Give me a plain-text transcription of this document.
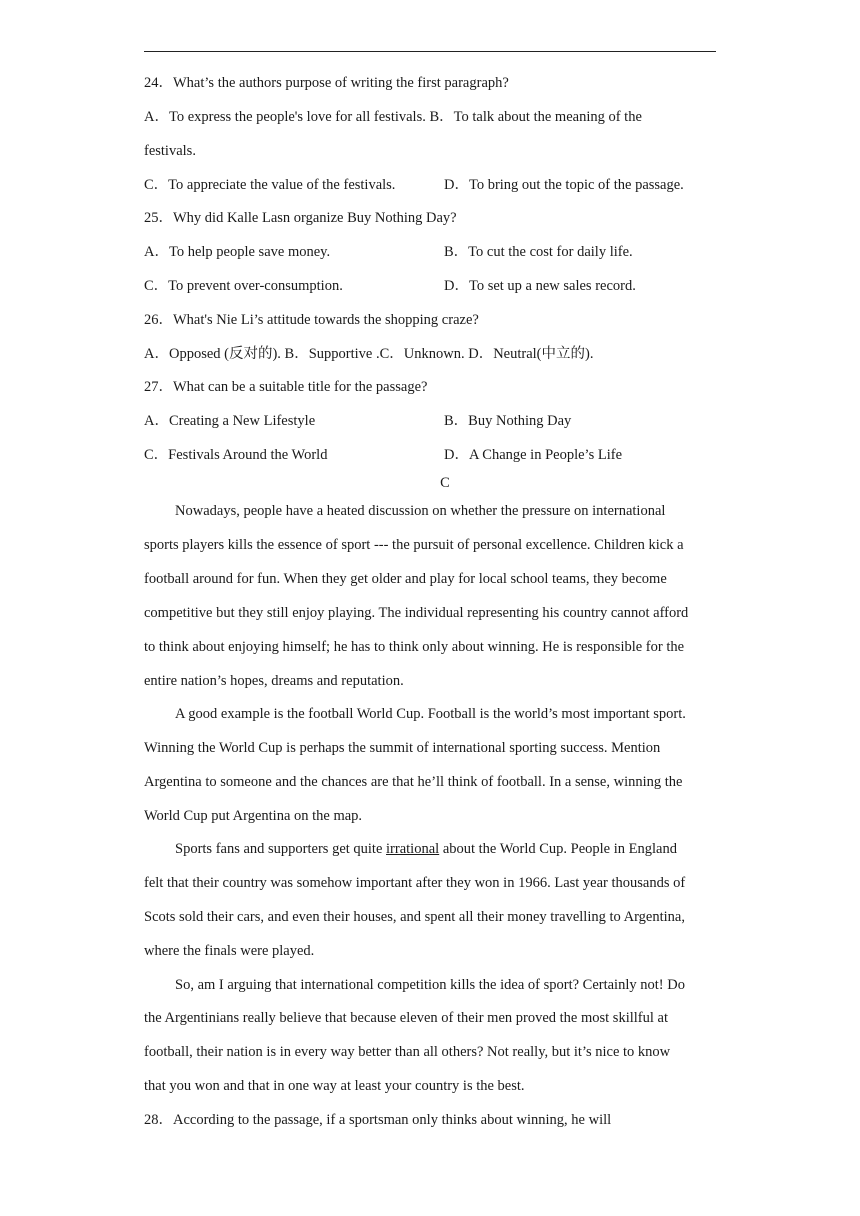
24．What’s the authors purpose of writing the first paragraph?
A．To express the people's love for all festivals. B．To talk about the meaning of the
festivals.
C．To appreciate the value of the festivals.	D．To bring out the topic of the passage.
25．Why did Kalle Lasn organize Buy Nothing Day?
A．To help people save money.	B．To cut the cost for daily life.
C．To prevent over-consumption.	D．To set up a new sales record.
26．What's Nie Li’s attitude towards the shopping craze?
A．Opposed (反对的). B．Supportive .C．Unknown. D．Neutral(中立的).
27．What can be a suitable title for the passage?
A．Creating a New Lifestyle	B．Buy Nothing Day
C．Festivals Around the World	D．A Change in People’s Life
C
Nowadays, people have a heated discussion on whether the pressure on international
sports players kills the essence of sport --- the pursuit of personal excellence. Children kick a
football around for fun. When they get older and play for local school teams, they become
competitive but they still enjoy playing. The individual representing his country cannot afford
to think about enjoying himself; he has to think only about winning. He is responsible for the
entire nation’s hopes, dreams and reputation.
A good example is the football World Cup. Football is the world’s most important sport.
Winning the World Cup is perhaps the summit of international sporting success. Mention
Argentina to someone and the chances are that he’ll think of football. In a sense, winning the
World Cup put Argentina on the map.
Sports fans and supporters get quite irrational about the World Cup. People in England
felt that their country was somehow important after they won in 1966. Last year thousands of
Scots sold their cars, and even their houses, and spent all their money travelling to Argentina,
where the finals were played.
So, am I arguing that international competition kills the idea of sport? Certainly not! Do
the Argentinians really believe that because eleven of their men proved the most skillful at
football, their nation is in every way better than all others? Not really, but it’s nice to know
that you won and that in one way at least your country is the best.
28．According to the passage, if a sportsman only thinks about winning, he will
